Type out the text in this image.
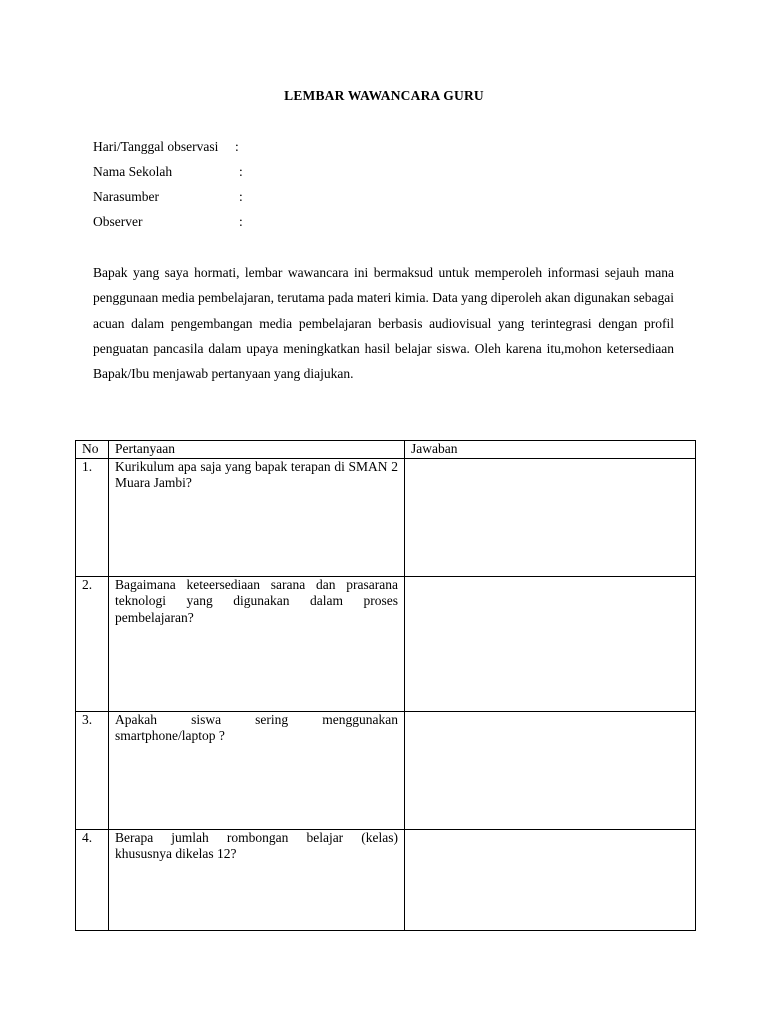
LEMBAR WAWANCARA GURU
Hari/Tanggal observasi :
Nama Sekolah	:
Narasumber	:
Observer	:
Bapak yang saya hormati, lembar wawancara ini bermaksud untuk memperoleh informasi sejauh mana penggunaan media pembelajaran, terutama pada materi kimia. Data yang diperoleh akan digunakan sebagai acuan dalam pengembangan media pembelajaran berbasis audiovisual yang terintegrasi dengan profil penguatan pancasila dalam upaya meningkatkan hasil belajar siswa. Oleh karena itu,mohon ketersediaan Bapak/Ibu menjawab pertanyaan yang diajukan.
No	Pertanyaan	Jawaban
1.	Kurikulum apa saja yang bapak terapan di SMAN 2 Muara Jambi?	
2.	Bagaimana keteersediaan sarana dan prasarana teknologi yang digunakan dalam proses pembelajaran?	
3.	Apakah siswa sering menggunakan smartphone/laptop ?	
4.	Berapa jumlah rombongan belajar (kelas) khususnya dikelas 12?	
